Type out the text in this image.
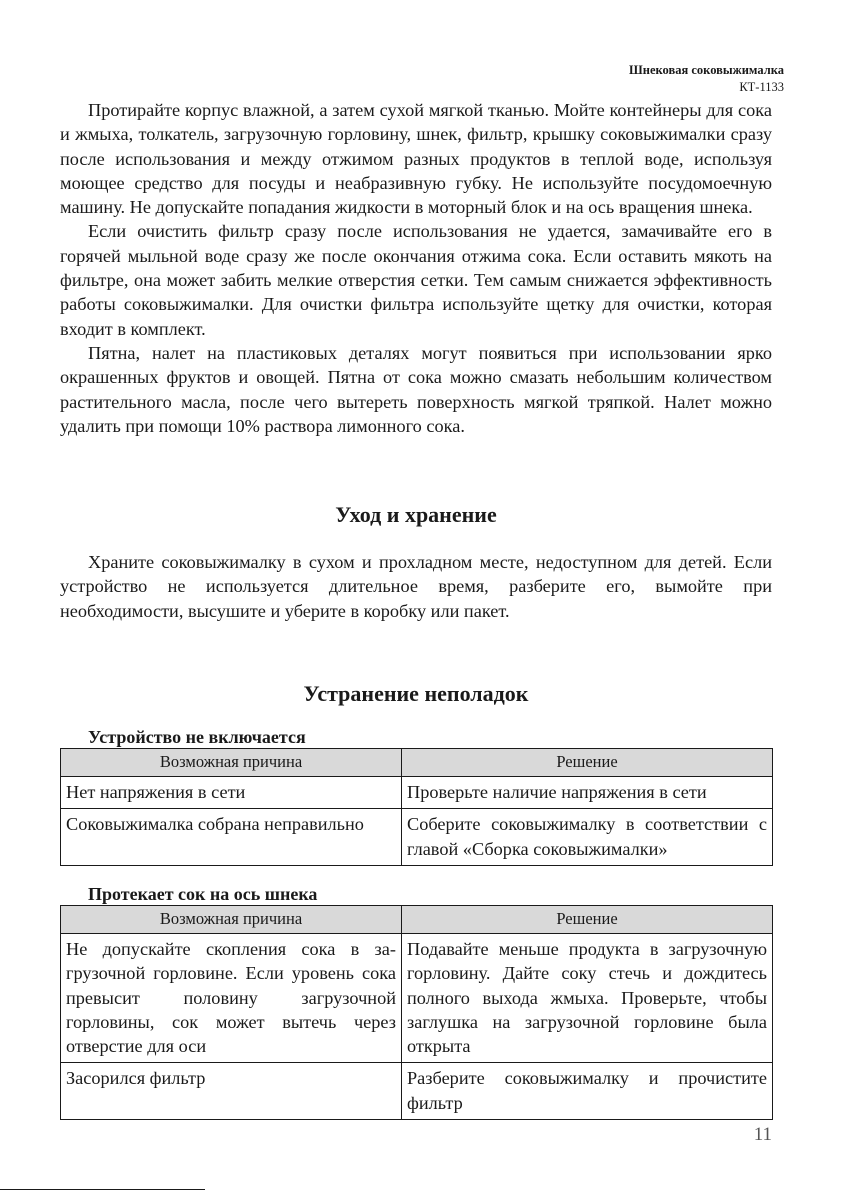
Шнековая соковыжималка
КТ-1133

Протирайте корпус влажной, а затем сухой мягкой тканью. Мойте контейнеры для сока и жмыха, толкатель, загрузочную горловину, шнек, фильтр, крышку соковыжималки сразу после использования и между отжимом разных продуктов в теплой воде, используя моющее средство для посуды и неабразивную губку. Не используйте посудомоечную машину. Не допускайте попадания жидкости в моторный блок и на ось вращения шнека.

Если очистить фильтр сразу после использования не удается, замачивайте его в горячей мыльной воде сразу же после окончания отжима сока. Если оставить мякоть на фильтре, она может забить мелкие отверстия сетки. Тем самым снижается эффективность работы соковыжималки. Для очистки фильтра используйте щетку для очистки, которая входит в комплект.

Пятна, налет на пластиковых деталях могут появиться при использовании ярко окрашенных фруктов и овощей. Пятна от сока можно смазать небольшим количеством растительного масла, после чего вытереть поверхность мягкой тряпкой. Налет можно удалить при помощи 10% раствора лимонного сока.

Уход и хранение

Храните соковыжималку в сухом и прохладном месте, недоступном для детей. Если устройство не используется длительное время, разберите его, вымойте при необходимости, высушите и уберите в коробку или пакет.

Устранение неполадок
Устройство не включается
Возможная причина	Решение
Нет напряжения в сети	Проверьте наличие напряжения в сети
Соковыжималка собрана неправильно	Соберите соковыжималку в соответствии с главой «Сборка соковыжималки»
Протекает сок на ось шнека
Возможная причина	Решение
Не допускайте скопления сока в загрузочной горловине. Если уровень сока превысит половину загрузочной горловины, сок может вытечь через отверстие для оси	Подавайте меньше продукта в загрузочную горловину. Дайте соку стечь и дождитесь полного выхода жмыха. Проверьте, чтобы заглушка на загрузочной горловине была открыта
Засорился фильтр	Разберите соковыжималку и прочистите фильтр
11
